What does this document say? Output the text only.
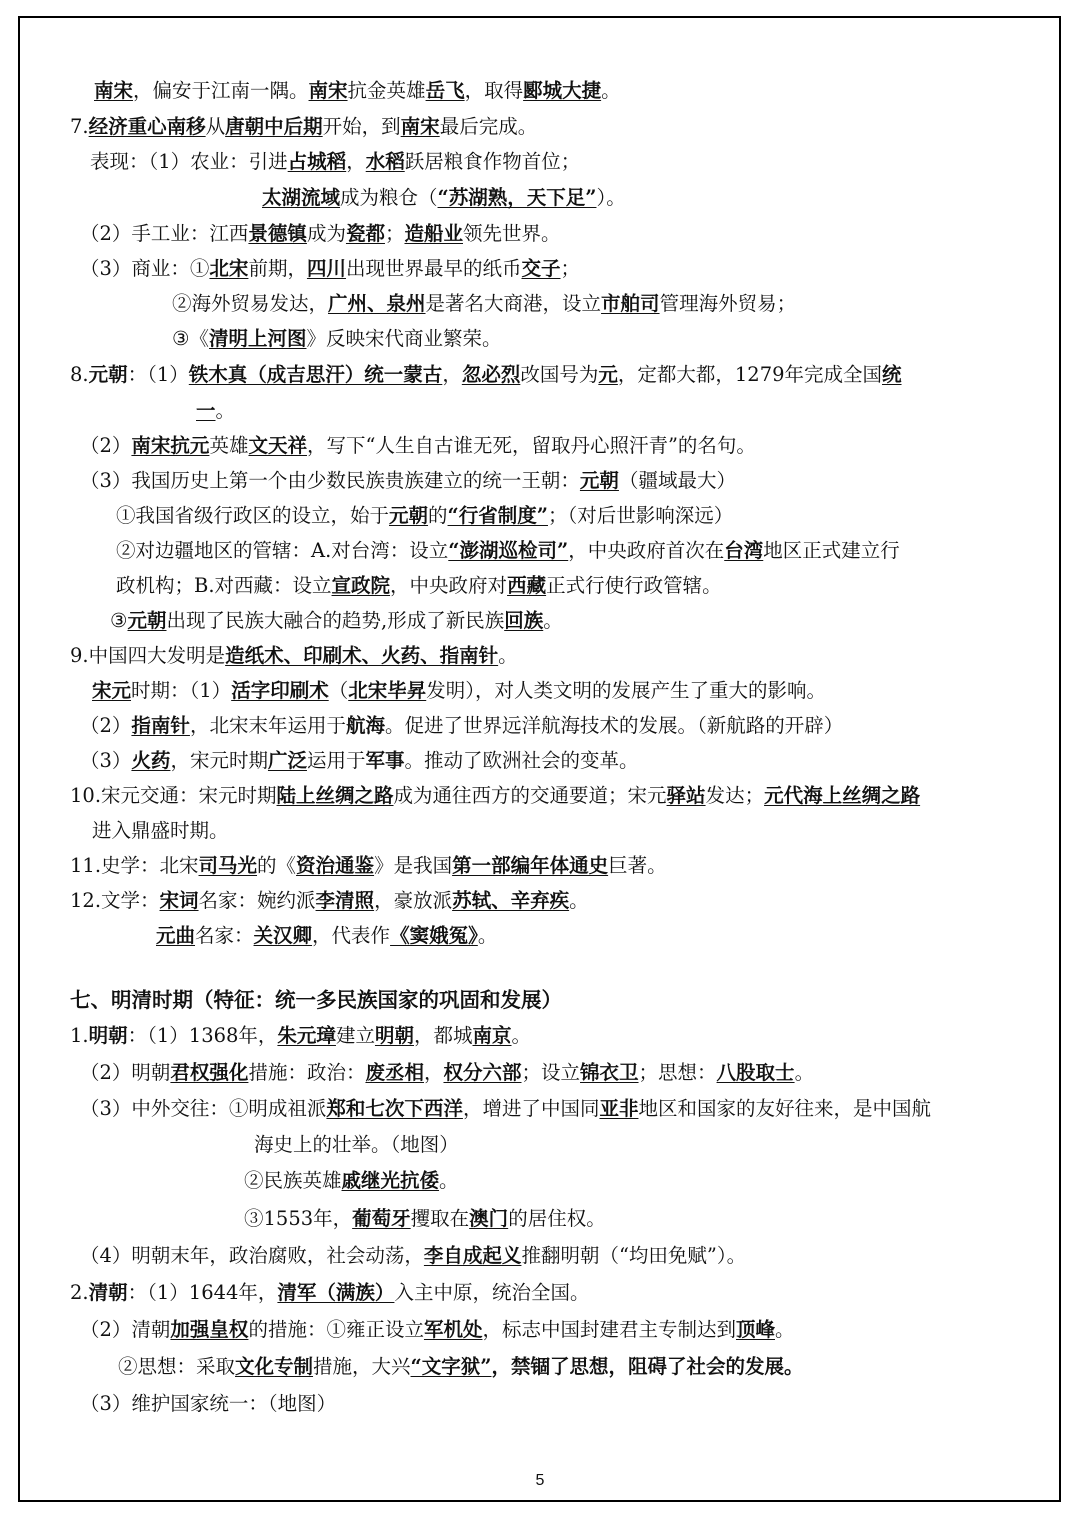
南宋，偏安于江南一隅。南宋抗金英雄岳飞，取得郾城大捷。
7.经济重心南移从唐朝中后期开始，到南宋最后完成。
表现：（1）农业：引进占城稻，水稻跃居粮食作物首位；
太湖流域成为粮仓（“苏湖熟，天下足”）。
（2）手工业：江西景德镇成为瓷都；造船业领先世界。
（3）商业：①北宋前期，四川出现世界最早的纸币交子；
②海外贸易发达，广州、泉州是著名大商港，设立市舶司管理海外贸易；
③《清明上河图》反映宋代商业繁荣。
8.元朝：（1）铁木真（成吉思汗）统一蒙古，忽必烈改国号为元，定都大都，1279年完成全国统
一。
（2）南宋抗元英雄文天祥，写下“人生自古谁无死，留取丹心照汗青”的名句。
（3）我国历史上第一个由少数民族贵族建立的统一王朝：元朝（疆域最大）
①我国省级行政区的设立，始于元朝的“行省制度”；（对后世影响深远）
②对边疆地区的管辖：A.对台湾：设立“澎湖巡检司”，中央政府首次在台湾地区正式建立行
政机构；B.对西藏：设立宣政院，中央政府对西藏正式行使行政管辖。
③元朝出现了民族大融合的趋势,形成了新民族回族。
9.中国四大发明是造纸术、印刷术、火药、指南针。
宋元时期：（1）活字印刷术（北宋毕昇发明），对人类文明的发展产生了重大的影响。
（2）指南针，北宋末年运用于航海。促进了世界远洋航海技术的发展。（新航路的开辟）
（3）火药，宋元时期广泛运用于军事。推动了欧洲社会的变革。
10.宋元交通：宋元时期陆上丝绸之路成为通往西方的交通要道；宋元驿站发达；元代海上丝绸之路
进入鼎盛时期。
11.史学：北宋司马光的《资治通鉴》是我国第一部编年体通史巨著。
12.文学：宋词名家：婉约派李清照，豪放派苏轼、辛弃疾。
元曲名家：关汉卿，代表作《窦娥冤》。
七、明清时期（特征：统一多民族国家的巩固和发展）
1.明朝：（1）1368年，朱元璋建立明朝，都城南京。
（2）明朝君权强化措施：政治：废丞相，权分六部；设立锦衣卫；思想：八股取士。
（3）中外交往：①明成祖派郑和七次下西洋，增进了中国同亚非地区和国家的友好往来，是中国航
海史上的壮举。（地图）
②民族英雄戚继光抗倭。
③1553年，葡萄牙攫取在澳门的居住权。
（4）明朝末年，政治腐败，社会动荡，李自成起义推翻明朝（“均田免赋”）。
2.清朝：（1）1644年，清军（满族）入主中原，统治全国。
（2）清朝加强皇权的措施：①雍正设立军机处，标志中国封建君主专制达到顶峰。
②思想：采取文化专制措施，大兴“文字狱”，禁锢了思想，阻碍了社会的发展。
（3）维护国家统一：（地图）
5
